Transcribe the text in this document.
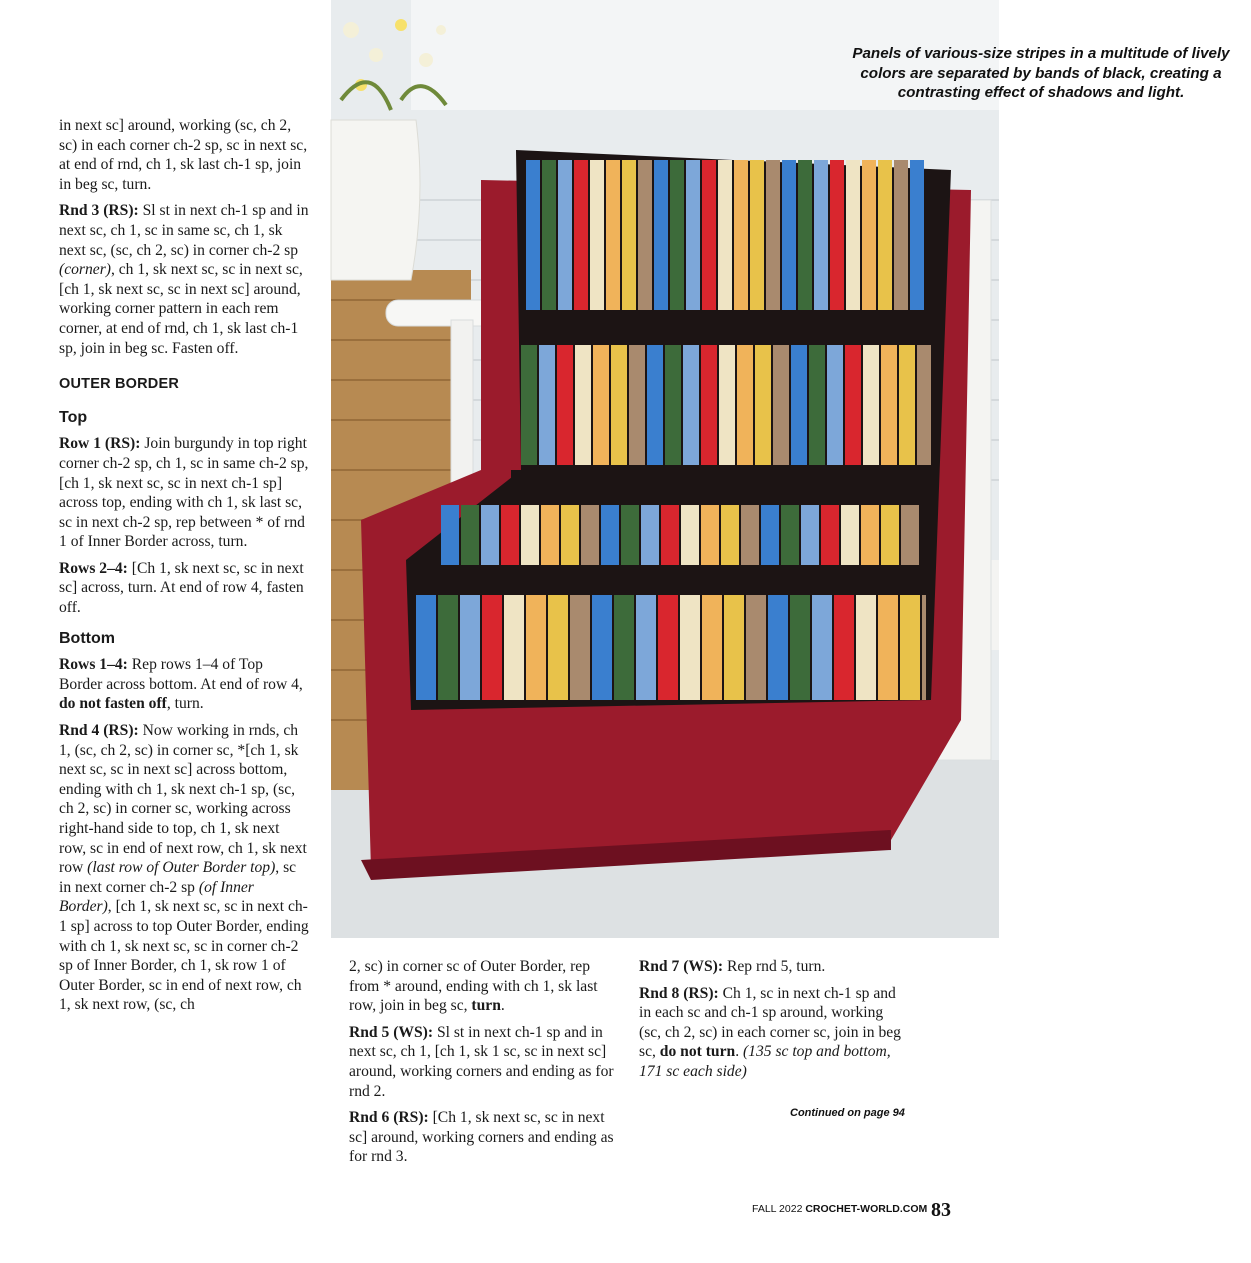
in next sc] around, working (sc, ch 2, sc) in each corner ch-2 sp, sc in next sc, at end of rnd, ch 1, sk last ch-1 sp, join in beg sc, turn.

Rnd 3 (RS): Sl st in next ch-1 sp and in next sc, ch 1, sc in same sc, ch 1, sk next sc, (sc, ch 2, sc) in corner ch-2 sp (corner), ch 1, sk next sc, sc in next sc, [ch 1, sk next sc, sc in next sc] around, working corner pattern in each rem corner, at end of rnd, ch 1, sk last ch-1 sp, join in beg sc. Fasten off.

OUTER BORDER
Top

Row 1 (RS): Join burgundy in top right corner ch-2 sp, ch 1, sc in same ch-2 sp, [ch 1, sk next sc, sc in next ch-1 sp] across top, ending with ch 1, sk last sc, sc in next ch-2 sp, rep between * of rnd 1 of Inner Border across, turn.

Rows 2–4: [Ch 1, sk next sc, sc in next sc] across, turn. At end of row 4, fasten off.

Bottom

Rows 1–4: Rep rows 1–4 of Top Border across bottom. At end of row 4, do not fasten off, turn.

Rnd 4 (RS): Now working in rnds, ch 1, (sc, ch 2, sc) in corner sc, *[ch 1, sk next sc, sc in next sc] across bottom, ending with ch 1, sk next ch-1 sp, (sc, ch 2, sc) in corner sc, working across right-hand side to top, ch 1, sk next row, sc in end of next row, ch 1, sk next row (last row of Outer Border top), sc in next corner ch-2 sp (of Inner Border), [ch 1, sk next sc, sc in next ch-1 sp] across to top Outer Border, ending with ch 1, sk next sc, sc in corner ch-2 sp of Inner Border, ch 1, sk row 1 of Outer Border, sc in end of next row, ch 1, sk next row, (sc, ch

Panels of various-size stripes in a multitude of lively colors are separated by bands of black, creating a contrasting effect of shadows and light.

2, sc) in corner sc of Outer Border, rep from * around, ending with ch 1, sk last row, join in beg sc, turn.

Rnd 5 (WS): Sl st in next ch-1 sp and in next sc, ch 1, [ch 1, sk 1 sc, sc in next sc] around, working corners and ending as for rnd 2.

Rnd 6 (RS): [Ch 1, sk next sc, sc in next sc] around, working corners and ending as for rnd 3.

Rnd 7 (WS): Rep rnd 5, turn.

Rnd 8 (RS): Ch 1, sc in next ch-1 sp and in each sc and ch-1 sp around, working (sc, ch 2, sc) in each corner sc, join in beg sc, do not turn. (135 sc top and bottom, 171 sc each side)

Continued on page 94
FALL 2022 CROCHET-WORLD.COM 83
